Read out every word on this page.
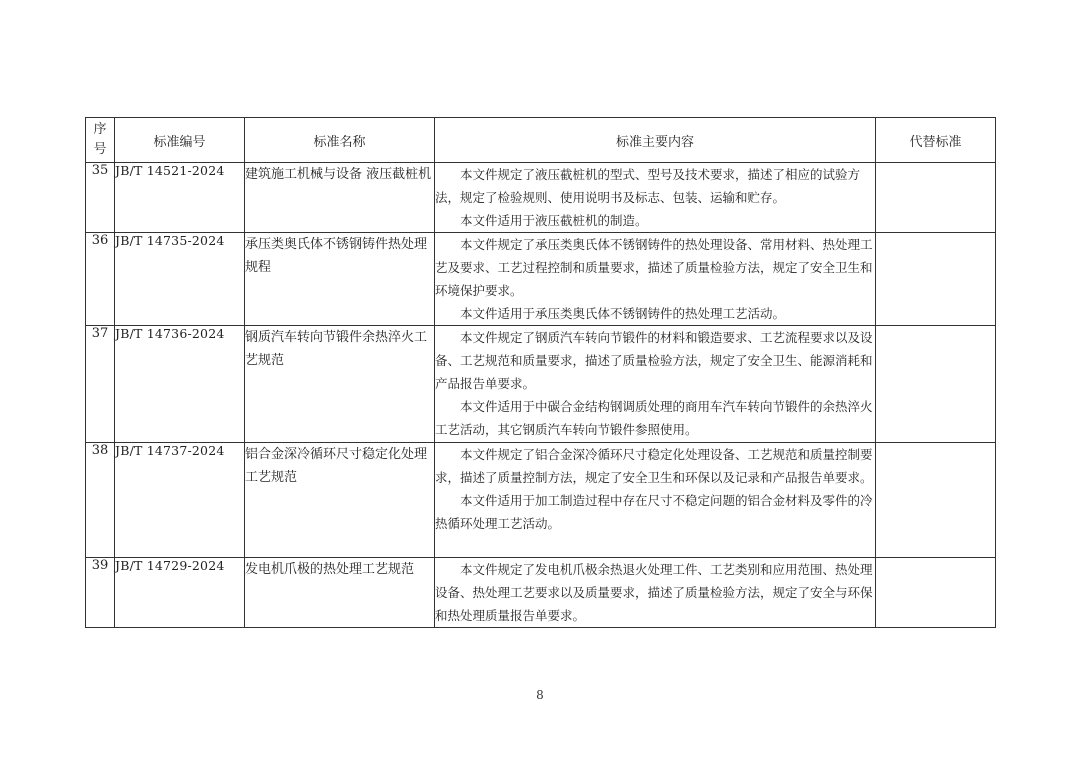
序
号	标准编号	标准名称	标准主要内容	代替标准
35	JB/T 14521-2024	建筑施工机械与设备 液压截桩机	本文件规定了液压截桩机的型式、型号及技术要求，描述了相应的试验方法，规定了检验规则、使用说明书及标志、包装、运输和贮存。

本文件适用于液压截桩机的制造。	

36	JB/T 14735-2024	承压类奥氏体不锈钢铸件热处理规程	本文件规定了承压类奥氏体不锈钢铸件的热处理设备、常用材料、热处理工艺及要求、工艺过程控制和质量要求，描述了质量检验方法，规定了安全卫生和环境保护要求。

本文件适用于承压类奥氏体不锈钢铸件的热处理工艺活动。	

37	JB/T 14736-2024	钢质汽车转向节锻件余热淬火工艺规范	本文件规定了钢质汽车转向节锻件的材料和锻造要求、工艺流程要求以及设备、工艺规范和质量要求，描述了质量检验方法，规定了安全卫生、能源消耗和产品报告单要求。

本文件适用于中碳合金结构钢调质处理的商用车汽车转向节锻件的余热淬火工艺活动，其它钢质汽车转向节锻件参照使用。	

38	JB/T 14737-2024	铝合金深冷循环尺寸稳定化处理工艺规范	本文件规定了铝合金深冷循环尺寸稳定化处理设备、工艺规范和质量控制要求，描述了质量控制方法，规定了安全卫生和环保以及记录和产品报告单要求。

本文件适用于加工制造过程中存在尺寸不稳定问题的铝合金材料及零件的冷热循环处理工艺活动。	

39	JB/T 14729-2024	发电机爪极的热处理工艺规范	本文件规定了发电机爪极余热退火处理工件、工艺类别和应用范围、热处理设备、热处理工艺要求以及质量要求，描述了质量检验方法，规定了安全与环保和热处理质量报告单要求。	

8
